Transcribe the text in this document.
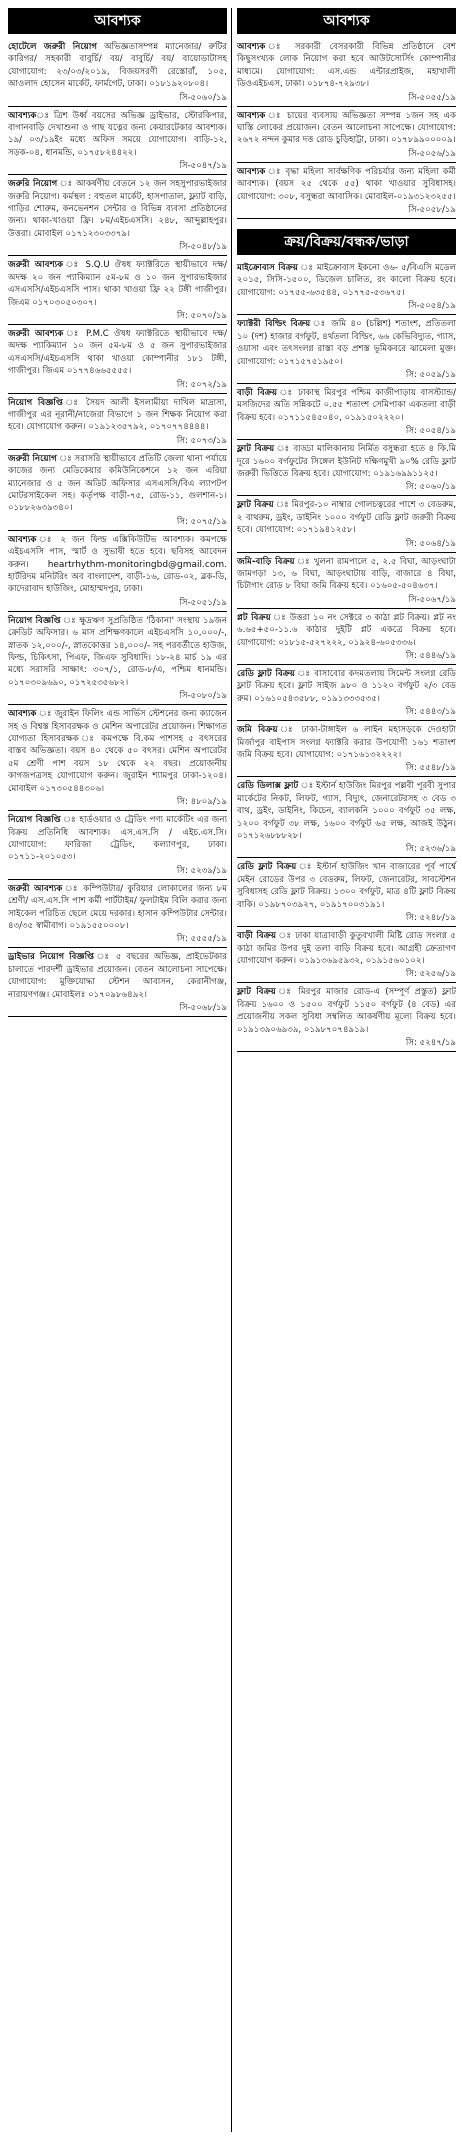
আবশ্যক
হোটেলে জরুরী নিয়োগ অভিজ্ঞতাসম্পন্ন ম্যানেজার/ রুটির কারিগর/ সহকারী বাবুর্চি/ বয়/ বাবুর্চি/ বয়/ বায়োডাটাসহ যোগাযোগ: ২৩/০৩/২০১৯, বিজয়সরণী রেস্তোরাঁ, ১০৫, আওলাদ হোসেন মার্কেট, ফার্মগেট, ঢাকা। ০১৮১৯২০৮০৪।
সি-৫০৬০/১৯
আবশ্যকঃ ত্রিশ উর্ধ্ব বয়সের অভিজ্ঞ ড্রাইভার, স্টোরকিপার, বাগানবাড়ি দেখাশুনা ও গাছ যত্নের জন্য কেয়ারটেকার আবশ্যক। ১৯/ ০৩/১৯ইং মধ্যে অফিস সময়ে যোগাযোগ। বাড়ি-১২, সড়ক-০৪, ধানমন্ডি, ০১৭৫৮২৪৪২২।
সি-৫০৪৭/১৯
জরুরি নিয়োগ ঃ আকর্ষণীয় বেতনে ১২ জন সহসুপারভাইজার জরুরি নিয়োগ। কর্মস্থল : বহুতল মার্কেট, হাসপাতাল, ফ্ল্যাট বাড়ি, গাড়ির শোরুম, কনভেনশন সেন্টার ও বিভিন্ন ব্যবসা প্রতিষ্ঠানের জন্য। থাকা-খাওয়া ফ্রি। ৮ম/এইচএসসি। ২৪৮, আব্দুল্লাহপুর। উত্তরা। মোবাইল ০১৭১২৩০৩৩৭৯।
সি-৫০৪৮/১৯
জরুরী আবশ্যক ঃ S.Q.U ঔষধ ফ্যাক্টরিতে স্থায়ীভাবে দক্ষ/অদক্ষ ২০ জন প্যাকিম্যান ৫ম-৮ম ও ১০ জন সুপারভাইজার এসএসসি/এইচএসসি পাস। থাকা খাওয়া ফ্রি ২২ টঙ্গী গাজীপুর। জিএম ০১৭০৩০৫০৩০৭।
সি: ৫০৭০/১৯
জরুরী আবশ্যক ঃ P.M.C ঔষধ ফ্যাক্টরিতে স্থায়ীভাবে দক্ষ/অদক্ষ প্যাকিম্যান ১০ জন ৫ম-৮ম ও ৫ জন সুপারভাইজার এসএসসি/এইচএসসি থাকা খাওয়া কোম্পানীর ১৮১ টঙ্গী, গাজীপুর। জিএম ০১৭৭৪৬৬৫৫৫৫।
সি: ৫০৭২/১৯
নিয়োগ বিজ্ঞপ্তি ঃ সৈয়দ আলী ইসলামীয়া দাখিল মাদ্রাসা, গাজীপুর এর নূরানী/নাজেরা বিভাগে ১ জন শিক্ষক নিয়োগ করা হবে। যোগাযোগ করুন। ০১৯১২৩৫৭৯২, ০১৭০৭৭৪৪৪৪।
সি: ৫০৭৩/১৯
জরুরী নিয়োগ ঃ সরাসরি স্থায়ীভাবে প্রতিটি জেলা থানা পর্যায়ে কাজের জন্য মেডিকেয়ার কমিউনিকেশনে ১২ জন এরিয়া ম্যানেজার ও ৫ জন অডিট অফিসার এসএসসি/বিএ ল্যাপটপ মোটরসাইকেল সহ। কর্তৃপক্ষ বাড়ী-৭৫, রোড-১১, গুলশান-১। ০১৮৮২৬৩৯৩৪০।
সি: ৫০৭৫/১৯
আবশ্যক ঃ ২ জন ফিল্ড এক্সিকিউটিভ আবশ্যক। কমপক্ষে এইচএসসি পাস, স্মার্ট ও সুভাষী হতে হবে। ছবিসহ আবেদন করুন। heartrhythm-monitoringbd@gmail.com. হার্টরিদম মনিটরিং অব বাংলাদেশ, বাড়ী-১৬, রোড-০২, ব্লক-ডি, কাদেরাবাদ হাউজিং, মোহাম্মদপুর, ঢাকা।
সি-৫০৫১/১৯
নিয়োগ বিজ্ঞপ্তি ঃ ক্ষুদ্রঋণ সুপ্রতিষ্ঠিত 'ঠিকানা' সংস্থায় ১৯জন ক্রেডিট অফিসার। ৬ মাস প্রশিক্ষণকালে এইচএসসি ১০,০০০/-, স্নাতক ১২,০০০/-, স্নাতকোত্তর ১৪,০০০/- সহ পরবর্তীতে হাউজ, ফিল্ড, চিকিৎসা, পিএফ, জিএফ সুবিধাদি। ১৮-২৪ মার্চ ১৯ এর মধ্যে সরাসরি সাক্ষাৎ: ৩০৭/১, রোড-৮/এ, পশ্চিম ধানমন্ডি। ০১৭০৩০৯৬৯০, ০১৭২৫৩৫৬৮২।
সি-৫০৮০/১৯
আবশ্যক ঃ জুরাইন ফিলিং এন্ড সার্ভিস স্টেশনের জন্য ক্যাজেন সহ ও বিশ্বস্ত হিসাবরক্ষক ও মেশিন অপারেটর প্রয়োজন। শিক্ষাগত যোগ্যতা হিসাবরক্ষক ঃ কমপক্ষে বি.কম পাশসহ ৫ বৎসরের বাস্তব অভিজ্ঞতা। বয়স ৪০ থেকে ৫০ বৎসর। মেশিন অপারেটর ৫ম শ্রেণী পাশ বয়স ১৮ থেকে ২২ বছর। প্রয়োজনীয় কাগজপত্রসহ যোগাযোগ করুন। জুরাইন শ্যামপুর ঢাকা-১২০৪। মোবাইল ০১৭৩০৫৪৪৩০৬।
সি: ৪৮০৯/১৯
নিয়োগ বিজ্ঞপ্তি ঃ হার্ডওয়ার ও ট্রেডিং পণ্য মার্কেটিং এর জন্য বিক্রয় প্রতিনিধি আবশ্যক। এস.এস.সি / এইচ.এস.সি। যোগাযোগ: ফারিজা ট্রেডিং, কল্যাণপুর, ঢাকা। ০১৭১১-২০১০৫৩।
সি: ৫২৩৯/১৯
জরুরী আবশ্যক ঃ কম্পিউটার/ কুরিয়ার লোকালের জন্য ৮ম শ্রেণী/ এস.এস.সি পাশ কর্মী পার্টটাইম/ ফুলটাইম বিলি করার জন্য সাইকেল পরিচিত ছেলে মেয়ে দরকার। হাসান কম্পিউটার সেন্টার। ৪৩/৩৫ স্বামীবাগ। ০১৯১৫৫০০০৮।
সি: ৫৫৫৫/১৯
ড্রাইভার নিয়োগ বিজ্ঞপ্তি ঃ ৫ বছরের অভিজ্ঞ, প্রাইভেটকার চালাতে পারদর্শী ড্রাইভার প্রয়োজন। বেতন আলোচনা সাপেক্ষে। যোগাযোগ: মুক্তিযোদ্ধা স্টেশন আবাসন, কেরানীগঞ্জ, নারায়ণগঞ্জ। মোবাইলঃ ০১৭০৯৮৬৪৯২।
সি-৫০৬৮/১৯
আবশ্যক
আবশ্যক ঃ সরকারী বেসরকারী বিভিন্ন প্রতিষ্ঠানে বেশ কিছুসংখ্যক লোক নিয়োগ করা হবে আউটসোর্সিং কোম্পানীর মাধ্যমে। যোগাযোগ: এস.এন্ড এন্টারপ্রাইজ, মহাখালী ডিওএইচএস, ঢাকা। ০১৮৭৪-৭২৯৩৮।
সি-৫০৫৫/১৯
আবশ্যক ঃ চায়ের ব্যবসায় অভিজ্ঞতা সম্পন্ন ১জন সহ এক ঘাস্তি লোকের প্রয়োজন। বেতন আলোচনা সাপেক্ষে। যোগাযোগ: ২৬৭২ নন্দন কুমার দত্ত রোড চুড়িহাট্টা, ঢাকা। ০১৭৮৯৯০০০০৯।
সি-৫০৫৬/১৯
আবশ্যক ঃ বৃদ্ধা মহিলা সার্বক্ষণিক পরিচর্যার জন্য মহিলা কর্মী আবশ্যক। (বয়স ২৫ থেকে ৫৫) থাকা খাওয়ার সুবিধাসহ। যোগাযোগ: ৩০৮, বসুন্ধরা আবাসিক। মোবাইল-০১৯৩১২৩২৫৫।
সি-৫০৫৮/১৯
ক্রয়/বিক্রয়/বন্ধক/ভাড়া
মাইক্রোবাস বিক্রয় ঃ মাইক্রোবাস ইকনো ও৬- ৫/বিএসি মডেল ২০১৫, সিসি-১৫০০, ডিজেল চালিত, রং কালো বিক্রয় হবে। যোগাযোগ: ০১৭৫৫-৬৩৫৪৪, ০১৭৭৫-৫৩৬৭৫।
সি-৫০৫৪/১৯
ফ্যাক্টরী বিল্ডিং বিক্রয় ঃ জমি ৪০ (চল্লিশ) শতাংশ, প্রতিতলা ১০ (দশ) হাজার বর্গফুট, ৪র্থতলা বিল্ডিং, ৬৬ কেভিবিদ্যুত, গ্যাস, ওয়াসা এবং তৎসংলগ্ন রাস্তা বড় প্রশস্ত ভূমিকবরে ঝামেলা মুক্ত। যোগাযোগ: ০১৭১৫৭৫১৯৫০।
সি: ৫০৫৯/১৯
বাড়ী বিক্রয় ঃ ঢাকাস্থ মিরপুর পশ্চিম কাজীপাড়ায় বাসস্ট্যান্ড/মসজিদের অতি সন্নিকটে ০.৫৫ শতাংশ সেমিপাকা একতলা বাড়ী বিক্রয় হবে। ০১৭১১৫৪৫০৪০, ০১৯১৫০২২২০।
সি: ৫০৫৪/১৯
ফ্লাট বিক্রয় ঃ বাড্ডা মালিকানায় নির্মিত বসুন্ধরা হতে ৪ কি.মি দূরে ১৬০০ বর্গফুটের সিঙ্গেল ইউনিট দক্ষিণমুখী ৯০% রেডি ফ্লাট জরুরী ভিত্তিতে বিক্রয় হবে। যোগাযোগ: ০১৯১৬৯৯১১২৫।
সি: ৫০৬০/১৯
ফ্লাট বিক্রয় ঃ মিরপুর-১০ নাম্বার গোলচত্বরের পাশে ৩ বেডরুম, ২ বাথরুম, ড্রইং, ডাইনিং ১০০০ বর্গফুট রেডি ফ্লাট জরুরী বিক্রয় হবে। যোগাযোগ: ০১৭১৯৪১২৫৮।
সি: ৫০৬৪/১৯
জমি-বাড়ি বিক্রয় ঃ খুলনা রামপালে ৫, ২.৫ বিঘা, আড়ংঘাটা জামগড়া ১৩, ৬ বিঘা, আড়ংঘাটায় বাড়ি, বাজারে ৪ বিঘা, চিটাগাং রোড ৮ বিঘা জমি বিক্রয় হবে। ০১৬০৫-৫০৪৬৩৭।
সি-৫০৬৭/১৯
প্লট বিক্রয় ঃ উত্তরা ১০ নং সেক্টরে ৩ কাঠা প্লট বিক্রয়। প্লট নং ৬.৬৫+৫০-১১.৬ কাঠার দুইটি প্লট একত্রে বিক্রয় হবে। যোগাযোগ: ০১৮১৫-৫২৭২২২, ০১৯২৪-৬০৫৩৩৬।
সি: ৫৪৪৬/১৯
রেডি ফ্লাট বিক্রয় ঃ বাসাবোর কদমতলায় সিমেন্ট সংলগ্ন রেডি ফ্লাট বিক্রয় হবে। ফ্লাট সাইজ ৯৮০ ও ১১২০ বর্গফুট ২/৩ বেড রুম। ০১৬১০৫৪৩৫৮৮, ০১৯১৩৩৩৫৩৫।
সি: ৫৪৪৩/১৯
জমি বিক্রয় ঃ ঢাকা-টাঙ্গাইল ৬ লাইন মহাসড়কে দেওহাটা মির্জাপুর বাইপাস সংলগ্ন ফ্যাক্টরি করার উপযোগী ১৬১ শতাংশ জমি বিক্রয় হবে। যোগাযোগ: ০১৭১৬১৩২২২২।
সি: ৫৫৪৮/১৯
রেডি ডিলাক্স ফ্লাট ঃ ইস্টার্ন হাউজিং মিরপুর পল্লবী পূরবী সুপার মার্কেটের নিকট, লিফট, গ্যাস, বিদ্যুৎ, জেনারেটরসহ ৩ বেড ৩ বাথ, ড্রইং, ডাইনিং, কিচেন, ব্যালকনি ১০০০ বর্গফুট ৩৫ লক্ষ, ১২০০ বর্গফুট ৩৮ লক্ষ, ১৬০০ বর্গফুট ৬৫ লক্ষ, আজই উঠুন। ০১৭১২৬৮৮৮২৮।
সি: ৫২৩৬/১৯
রেডি ফ্লাট বিক্রয় ঃ ইস্টার্ন হাউজিং খান বাজারের পূর্ব পার্শ্বে মেইন রোডের উপর ৩ বেডরুম, লিফট, জেনারেটর, সাবস্টেশন সুবিধাসহ রেডি ফ্লাট বিক্রয়। ১৩০০ বর্গফুট, মাত্র ৪টি ফ্লাট বিক্রয় বাকি। ০১৯৮৭০৩৯২৭, ০১৯১৭০০৩১৯১।
সি: ৫২৪৮/১৯
বাড়ী বিক্রয় ঃ ঢাকা যাত্রাবাড়ী কুতুবখালী মিষ্টি রোড সংলগ্ন ৫ কাঠা জমির উপর দুই তলা বাড়ি বিক্রয় হবে। আগ্রহী ক্রেতাগণ যোগাযোগ করুন। ০১৯১৩৬৯৫৯৩২, ০১৯১৫৬০১০২।
সি: ৫২৫৬/১৯
ফ্লাট বিক্রয় ঃ মিরপুর মাজার রোড-এ (সম্পূর্ণ প্রস্তুত) ফ্লাট বিক্রয় ১৬০০ ও ১৫০০ বর্গফুট ১১৫০ বর্গফুট (৪ বেড) এর প্রয়োজনীয় সকল সুবিধা সম্বলিত আকর্ষণীয় মূল্যে বিক্রয় হবে। ০১৯১৩৯০৬৯৩৯, ০১৯৮৭০৭৪৯১৯।
সি: ৫২৪৭/১৯
